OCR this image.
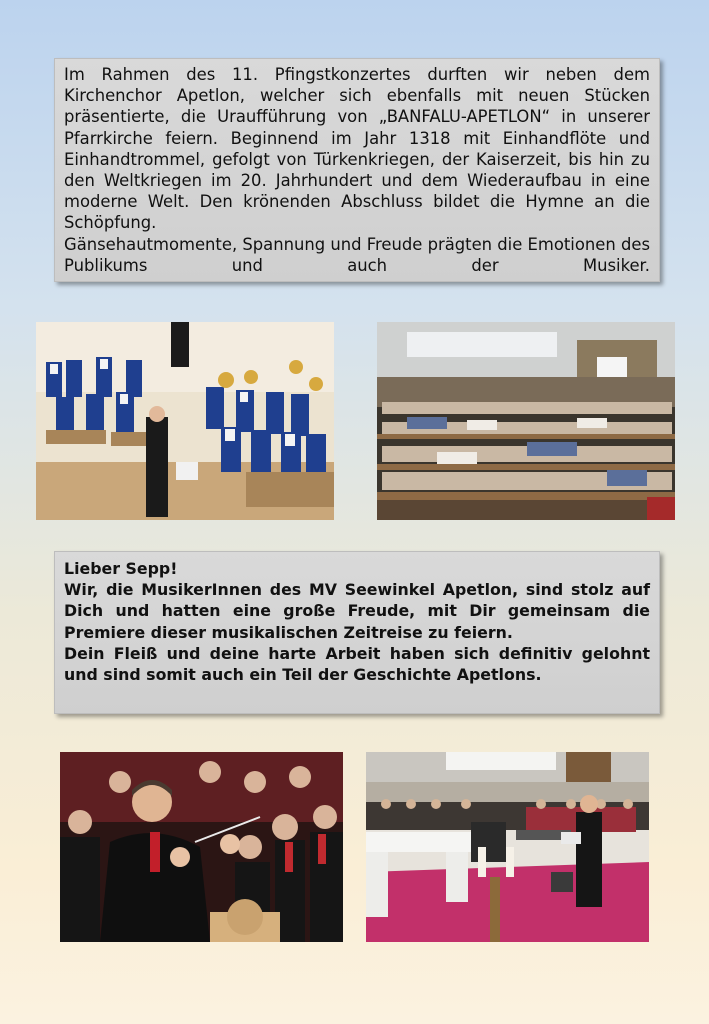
Im Rahmen des 11. Pfingstkonzertes durften wir neben dem Kirchenchor Apetlon, welcher sich ebenfalls mit neuen Stücken präsentierte, die Uraufführung von „BANFALU-APETLON“ in unserer Pfarrkirche feiern. Beginnend im Jahr 1318 mit Einhandflöte und Einhandtrommel, gefolgt von Türkenkriegen, der Kaiserzeit, bis hin zu den Weltkriegen im 20. Jahrhundert und dem Wiederaufbau in eine moderne Welt. Den krönenden Abschluss bildet die Hymne an die Schöpfung.

Gänsehautmomente, Spannung und Freude prägten die Emotionen des Publikums und auch der Musiker.

Lieber Sepp!

Wir, die MusikerInnen des MV Seewinkel Apetlon, sind stolz auf Dich und hatten eine große Freude, mit Dir gemeinsam die Premiere dieser musikalischen Zeitreise zu feiern.

Dein Fleiß und deine harte Arbeit haben sich definitiv gelohnt und sind somit auch ein Teil der Geschichte Apetlons.
